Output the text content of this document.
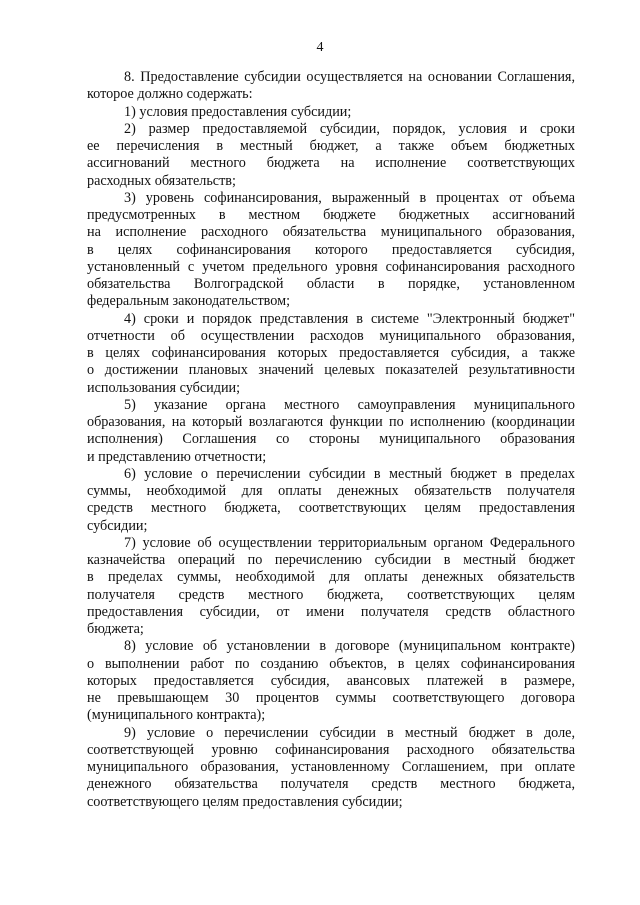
4

8. Предоставление субсидии осуществляется на основании Соглашения,
которое должно содержать:

1) условия предоставления субсидии;

2) размер предоставляемой субсидии, порядок, условия и сроки
ее перечисления в местный бюджет, а также объем бюджетных
ассигнований местного бюджета на исполнение соответствующих
расходных обязательств;

3) уровень софинансирования, выраженный в процентах от объема
предусмотренных в местном бюджете бюджетных ассигнований
на исполнение расходного обязательства муниципального образования,
в целях софинансирования которого предоставляется субсидия,
установленный с учетом предельного уровня софинансирования расходного
обязательства Волгоградской области в порядке, установленном
федеральным законодательством;

4) сроки и порядок представления в системе "Электронный бюджет"
отчетности об осуществлении расходов муниципального образования,
в целях софинансирования которых предоставляется субсидия, а также
о достижении плановых значений целевых показателей результативности
использования субсидии;

5) указание органа местного самоуправления муниципального
образования, на который возлагаются функции по исполнению (координации
исполнения) Соглашения со стороны муниципального образования
и представлению отчетности;

6) условие о перечислении субсидии в местный бюджет в пределах
суммы, необходимой для оплаты денежных обязательств получателя
средств местного бюджета, соответствующих целям предоставления
субсидии;

7) условие об осуществлении территориальным органом Федерального
казначейства операций по перечислению субсидии в местный бюджет
в пределах суммы, необходимой для оплаты денежных обязательств
получателя средств местного бюджета, соответствующих целям
предоставления субсидии, от имени получателя средств областного
бюджета;

8) условие об установлении в договоре (муниципальном контракте)
о выполнении работ по созданию объектов, в целях софинансирования
которых предоставляется субсидия, авансовых платежей в размере,
не превышающем 30 процентов суммы соответствующего договора
(муниципального контракта);

9) условие о перечислении субсидии в местный бюджет в доле,
соответствующей уровню софинансирования расходного обязательства
муниципального образования, установленному Соглашением, при оплате
денежного обязательства получателя средств местного бюджета,
соответствующего целям предоставления субсидии;
